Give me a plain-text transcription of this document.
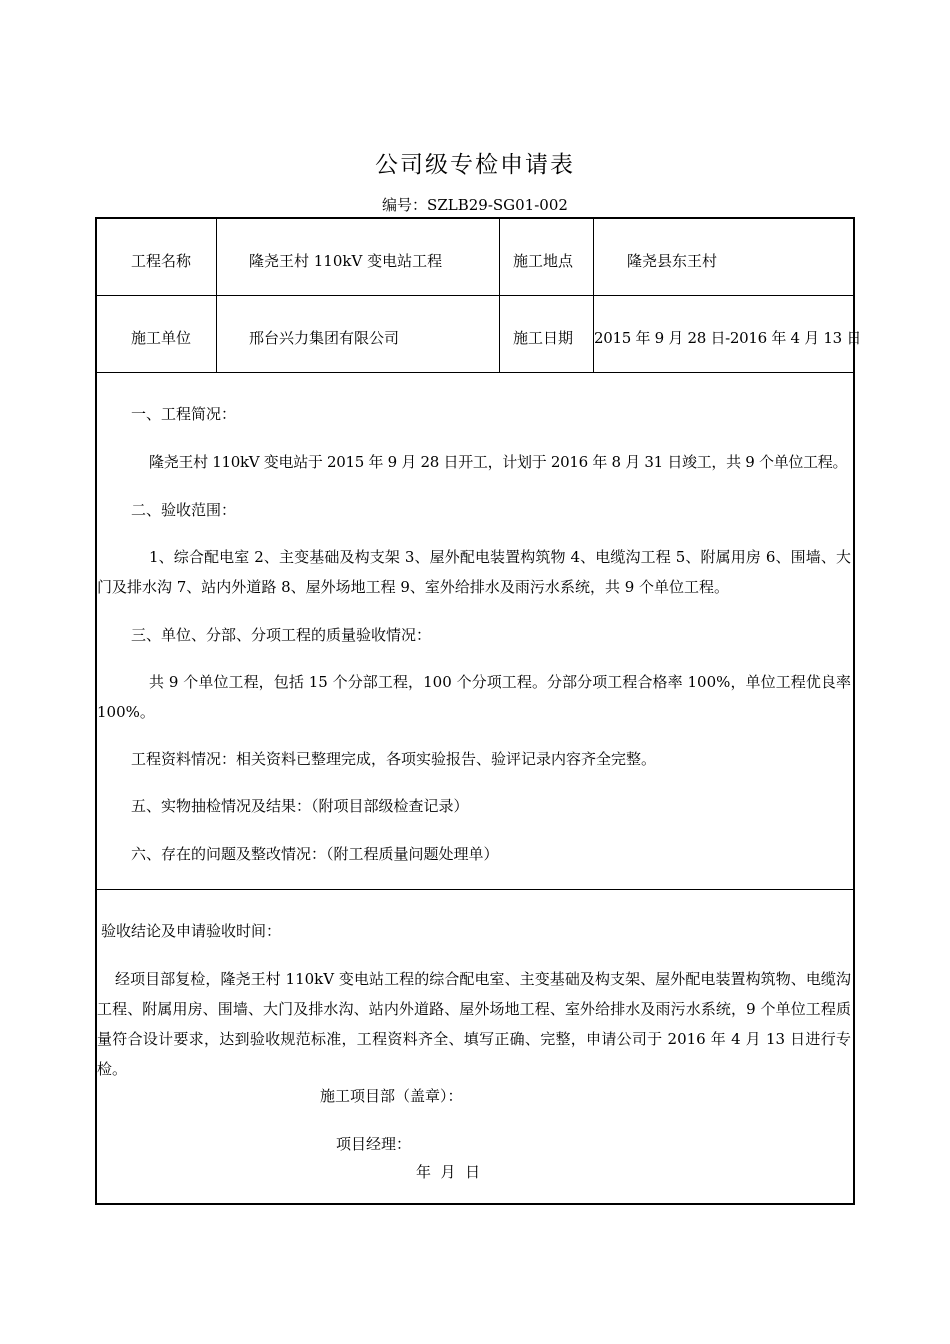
公司级专检申请表
编号：SZLB29-SG01-002
工程名称	隆尧王村 110kV 变电站工程	施工地点	隆尧县东王村
施工单位	邢台兴力集团有限公司	施工日期 2015 年 9 月 28 日-2016 年 4 月 13 日
一、工程简况：
隆尧王村 110kV 变电站于 2015 年 9 月 28 日开工，计划于 2016 年 8 月 31 日竣工，共 9 个单位工程。
二、验收范围：
1、综合配电室 2、主变基础及构支架 3、屋外配电装置构筑物 4、电缆沟工程 5、附属用房 6、围墙、大门及排水沟 7、站内外道路 8、屋外场地工程 9、室外给排水及雨污水系统，共 9 个单位工程。
三、单位、分部、分项工程的质量验收情况：
共 9 个单位工程，包括 15 个分部工程，100 个分项工程。分部分项工程合格率 100%，单位工程优良率 100%。
工程资料情况：相关资料已整理完成，各项实验报告、验评记录内容齐全完整。
五、实物抽检情况及结果：（附项目部级检查记录）
六、存在的问题及整改情况：（附工程质量问题处理单）
验收结论及申请验收时间：
经项目部复检，隆尧王村 110kV 变电站工程的综合配电室、主变基础及构支架、屋外配电装置构筑物、电缆沟工程、附属用房、围墙、大门及排水沟、站内外道路、屋外场地工程、室外给排水及雨污水系统，9 个单位工程质量符合设计要求，达到验收规范标准，工程资料齐全、填写正确、完整，申请公司于 2016 年 4 月 13 日进行专检。
施工项目部（盖章）：
项目经理：
年  月  日
